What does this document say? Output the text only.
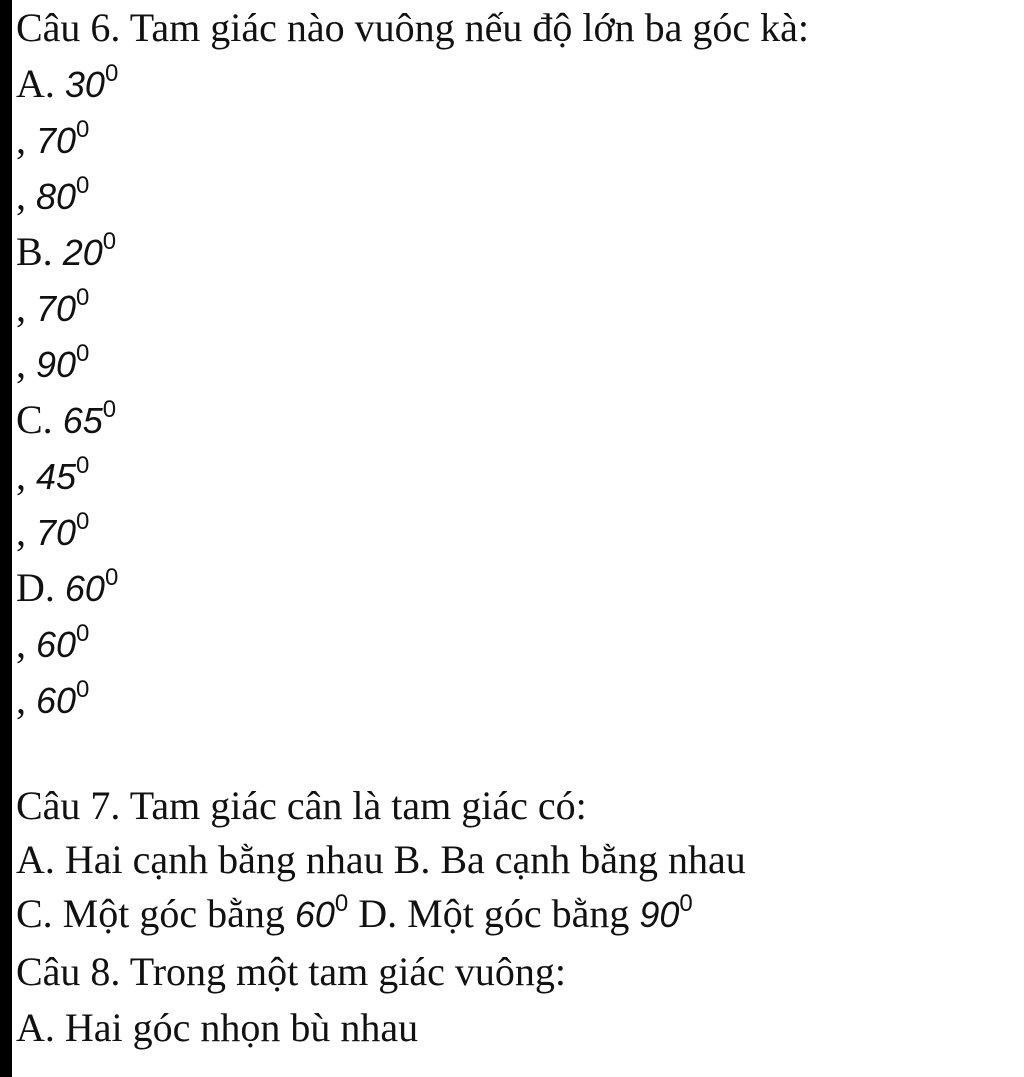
Câu 6. Tam giác nào vuông nếu độ lớn ba góc kà:
A. $30^0$
, $70^0$
, $80^0$
B. $20^0$
, $70^0$
, $90^0$
C. $65^0$
, $45^0$
, $70^0$
D. $60^0$
, $60^0$
, $60^0$
Câu 7. Tam giác cân là tam giác có:
A. Hai cạnh bằng nhau B. Ba cạnh bằng nhau
C. Một góc bằng $60^0$ D. Một góc bằng $90^0$
Câu 8. Trong một tam giác vuông:
A. Hai góc nhọn bù nhau
